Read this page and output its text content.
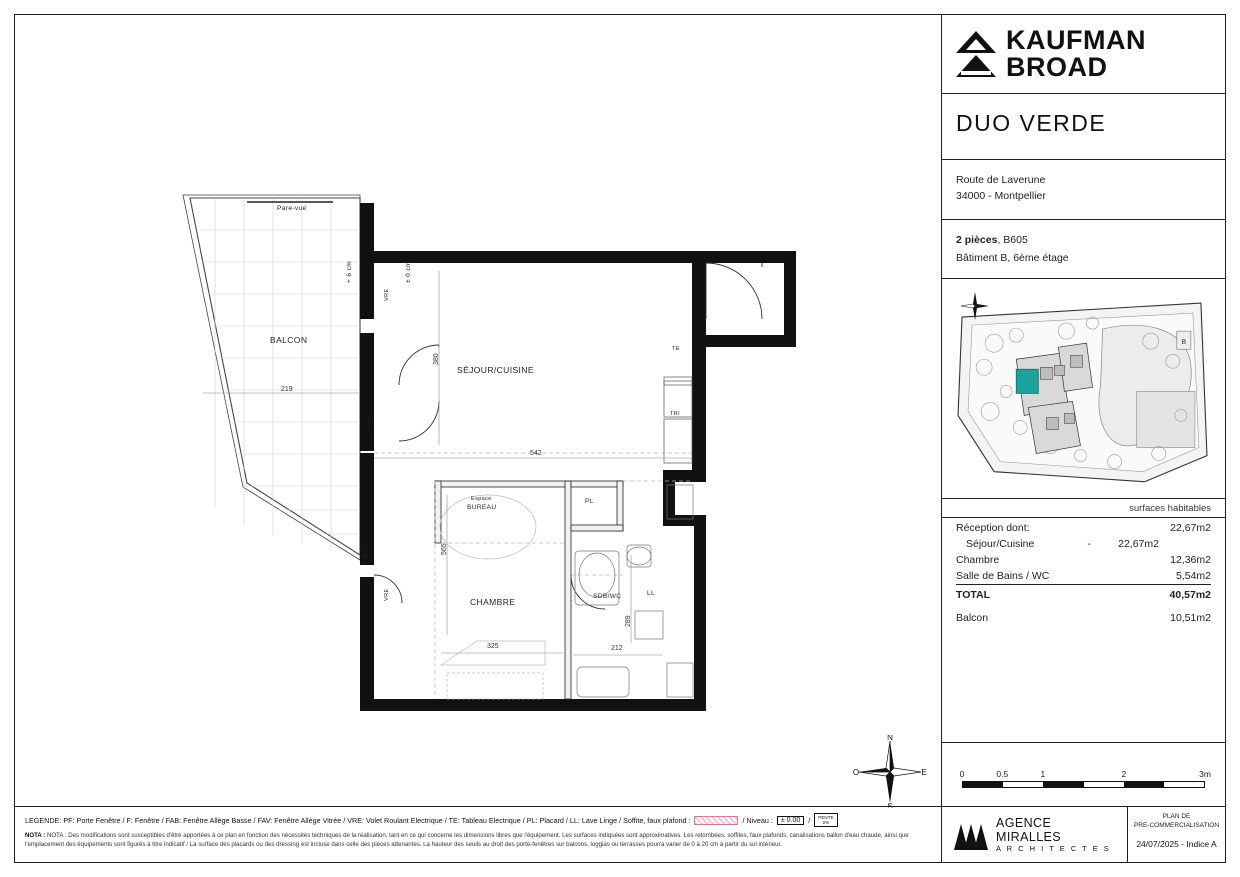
Pare-vue
BALCON
SÉJOUR/CUISINE
CHAMBRE
SDB/WC
Espace
BUREAU
PL
LL
TE
TRI
+ 6 cm	± 0 cm
VRE
VRE
F.A.V
P.F
219
380
542
565
325
289
212
N
S
E
O
LEGENDE: PF: Porte Fenêtre / F: Fenêtre / FAB: Fenêtre Allège Basse / FAV: Fenêtre Allège Vitrée / VRE: Volet Roulant Electrique / TE: Tableau Electrique / PL: Placard / LL: Lave Linge / Soffite, faux plafond :	/ Niveau :	± 0.00	/	PENTE
2%
NOTA : NOTA : Des modifications sont susceptibles d'être apportées à ce plan en fonction des nécessités techniques de la réalisation, tant en ce qui concerne les dimensions libres que l'équipement. Les surfaces indiquées sont approximatives. Les retombées, soffites, faux plafonds, canalisations ballon d'eau chaude, ainsi que l'emplacement des équipements sont figurés à titre indicatif / La surface des placards ou des dressing est incluse dans celle des pièces attenantes. La hauteur des seuils au droit des porte-fenêtres sur balcons, loggias ou terrasses pourra varier de 0 à 20 cm à partir du sol intérieur.
KAUFMAN
BROAD
DUO VERDE
Route de Laverune
34000 - Montpellier
2 pièces, B605
Bâtiment B, 6ème étage
B
surfaces habitables
Réception dont:			22,67m2
Séjour/Cuisine	-	22,67m2	
Chambre			12,36m2
Salle de Bains / WC			5,54m2
TOTAL			40,57m2
Balcon			10,51m2
0	0.5	1	2	3m
AGENCE
MIRALLES
A R C H I T E C T E S
PLAN DE
PRE-COMMERCIALISATION
24/07/2025 - Indice A
